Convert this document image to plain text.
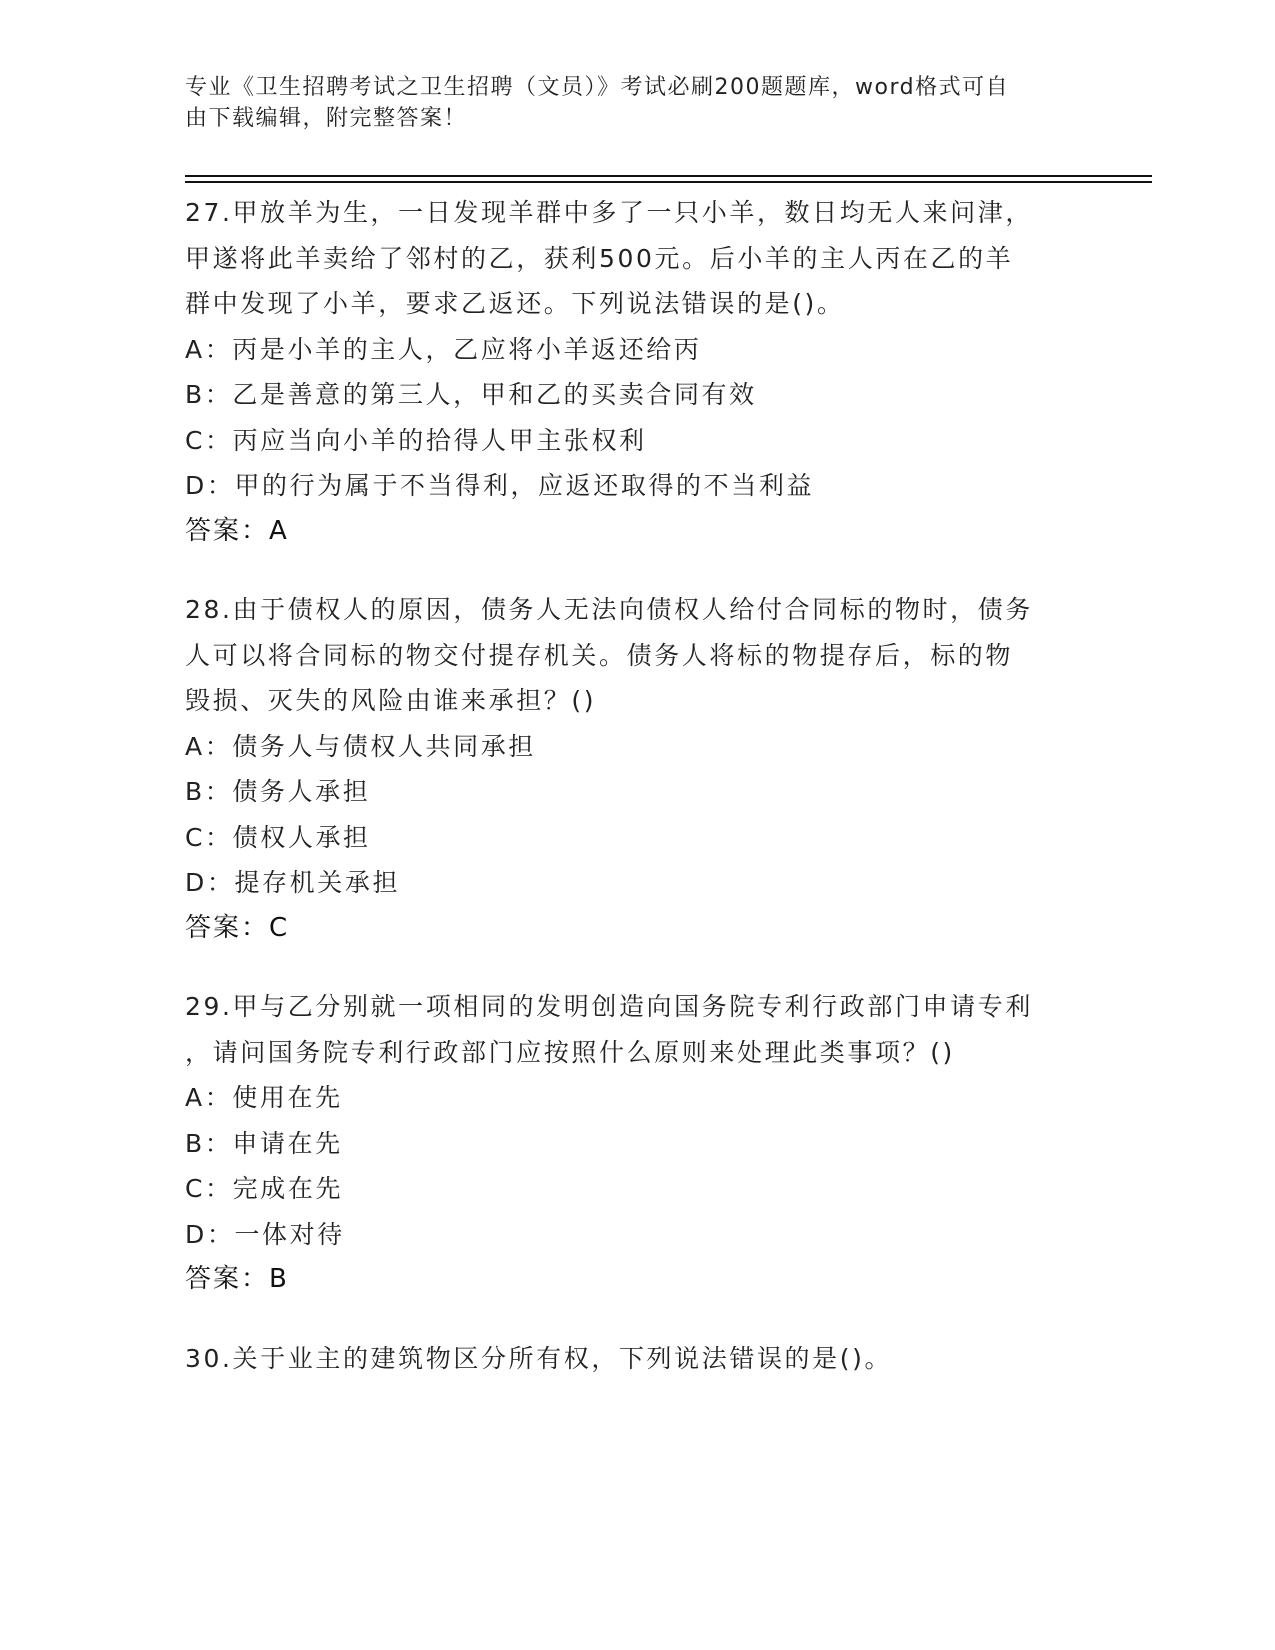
专业《卫生招聘考试之卫生招聘（文员）》考试必刷200题题库，word格式可自
由下载编辑，附完整答案！
27.甲放羊为生，一日发现羊群中多了一只小羊，数日均无人来问津，
甲遂将此羊卖给了邻村的乙，获利500元。后小羊的主人丙在乙的羊
群中发现了小羊，要求乙返还。下列说法错误的是()。
A：丙是小羊的主人，乙应将小羊返还给丙
B：乙是善意的第三人，甲和乙的买卖合同有效
C：丙应当向小羊的拾得人甲主张权利
D：甲的行为属于不当得利，应返还取得的不当利益
答案：A
28.由于债权人的原因，债务人无法向债权人给付合同标的物时，债务
人可以将合同标的物交付提存机关。债务人将标的物提存后，标的物
毁损、灭失的风险由谁来承担？()
A：债务人与债权人共同承担
B：债务人承担
C：债权人承担
D：提存机关承担
答案：C
29.甲与乙分别就一项相同的发明创造向国务院专利行政部门申请专利
，请问国务院专利行政部门应按照什么原则来处理此类事项？()
A：使用在先
B：申请在先
C：完成在先
D：一体对待
答案：B
30.关于业主的建筑物区分所有权，下列说法错误的是()。
